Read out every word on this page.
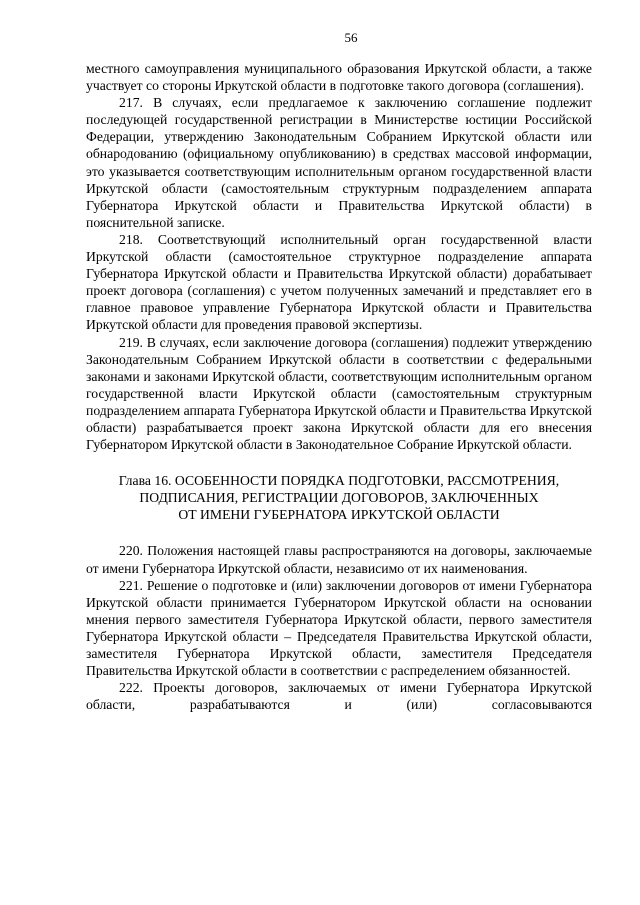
56

местного самоуправления муниципального образования Иркутской области, а также участвует со стороны Иркутской области в подготовке такого договора (соглашения).

217. В случаях, если предлагаемое к заключению соглашение подлежит последующей государственной регистрации в Министерстве юстиции Российской Федерации, утверждению Законодательным Собранием Иркутской области или обнародованию (официальному опубликованию) в средствах массовой информации, это указывается соответствующим исполнительным органом государственной власти Иркутской области (самостоятельным структурным подразделением аппарата Губернатора Иркутской области и Правительства Иркутской области) в пояснительной записке.

218. Соответствующий исполнительный орган государственной власти Иркутской области (самостоятельное структурное подразделение аппарата Губернатора Иркутской области и Правительства Иркутской области) дорабатывает проект договора (соглашения) с учетом полученных замечаний и представляет его в главное правовое управление Губернатора Иркутской области и Правительства Иркутской области для проведения правовой экспертизы.

219. В случаях, если заключение договора (соглашения) подлежит утверждению Законодательным Собранием Иркутской области в соответствии с федеральными законами и законами Иркутской области, соответствующим исполнительным органом государственной власти Иркутской области (самостоятельным структурным подразделением аппарата Губернатора Иркутской области и Правительства Иркутской области) разрабатывается проект закона Иркутской области для его внесения Губернатором Иркутской области в Законодательное Собрание Иркутской области.

Глава 16. ОСОБЕННОСТИ ПОРЯДКА ПОДГОТОВКИ, РАССМОТРЕНИЯ,
ПОДПИСАНИЯ, РЕГИСТРАЦИИ ДОГОВОРОВ, ЗАКЛЮЧЕННЫХ
ОТ ИМЕНИ ГУБЕРНАТОРА ИРКУТСКОЙ ОБЛАСТИ

220. Положения настоящей главы распространяются на договоры, заключаемые от имени Губернатора Иркутской области, независимо от их наименования.

221. Решение о подготовке и (или) заключении договоров от имени Губернатора Иркутской области принимается Губернатором Иркутской области на основании мнения первого заместителя Губернатора Иркутской области, первого заместителя Губернатора Иркутской области – Председателя Правительства Иркутской области, заместителя Губернатора Иркутской области, заместителя Председателя Правительства Иркутской области в соответствии с распределением обязанностей.

222. Проекты договоров, заключаемых от имени Губернатора Иркутской области, разрабатываются и (или) согласовываются
